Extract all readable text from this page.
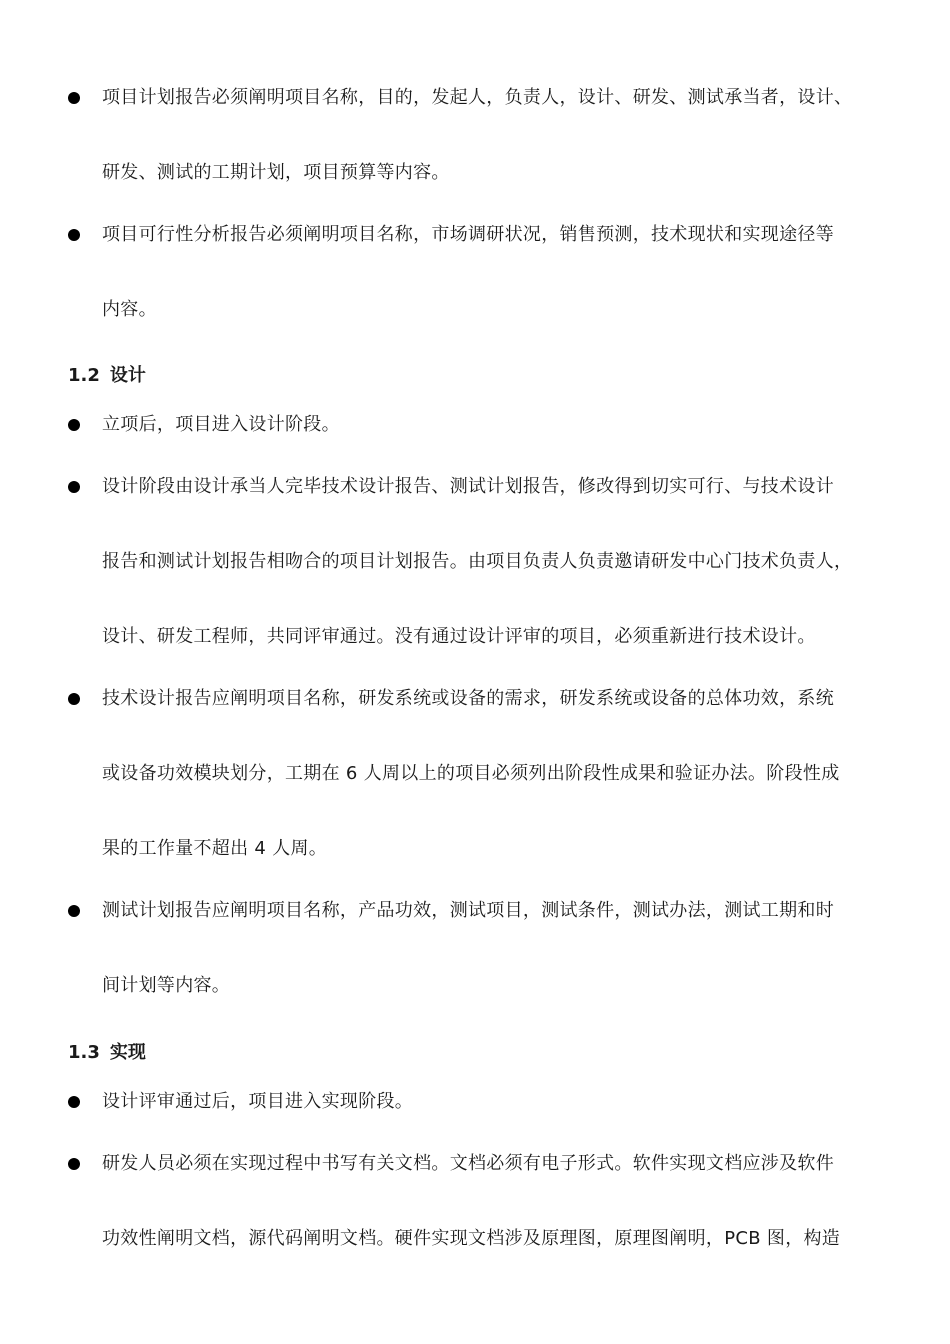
项目计划报告必须阐明项目名称，目的，发起人，负责人，设计、研发、测试承当者，设计、
研发、测试的工期计划，项目预算等内容。
项目可行性分析报告必须阐明项目名称，市场调研状况，销售预测，技术现状和实现途径等
内容。
1.2 设计
立项后，项目进入设计阶段。
设计阶段由设计承当人完毕技术设计报告、测试计划报告，修改得到切实可行、与技术设计
报告和测试计划报告相吻合的项目计划报告。由项目负责人负责邀请研发中心门技术负责人，
设计、研发工程师，共同评审通过。没有通过设计评审的项目，必须重新进行技术设计。
技术设计报告应阐明项目名称，研发系统或设备的需求，研发系统或设备的总体功效，系统
或设备功效模块划分，工期在 6 人周以上的项目必须列出阶段性成果和验证办法。阶段性成
果的工作量不超出 4 人周。
测试计划报告应阐明项目名称，产品功效，测试项目，测试条件，测试办法，测试工期和时
间计划等内容。
1.3 实现
设计评审通过后，项目进入实现阶段。
研发人员必须在实现过程中书写有关文档。文档必须有电子形式。软件实现文档应涉及软件
功效性阐明文档，源代码阐明文档。硬件实现文档涉及原理图，原理图阐明，PCB 图，构造
